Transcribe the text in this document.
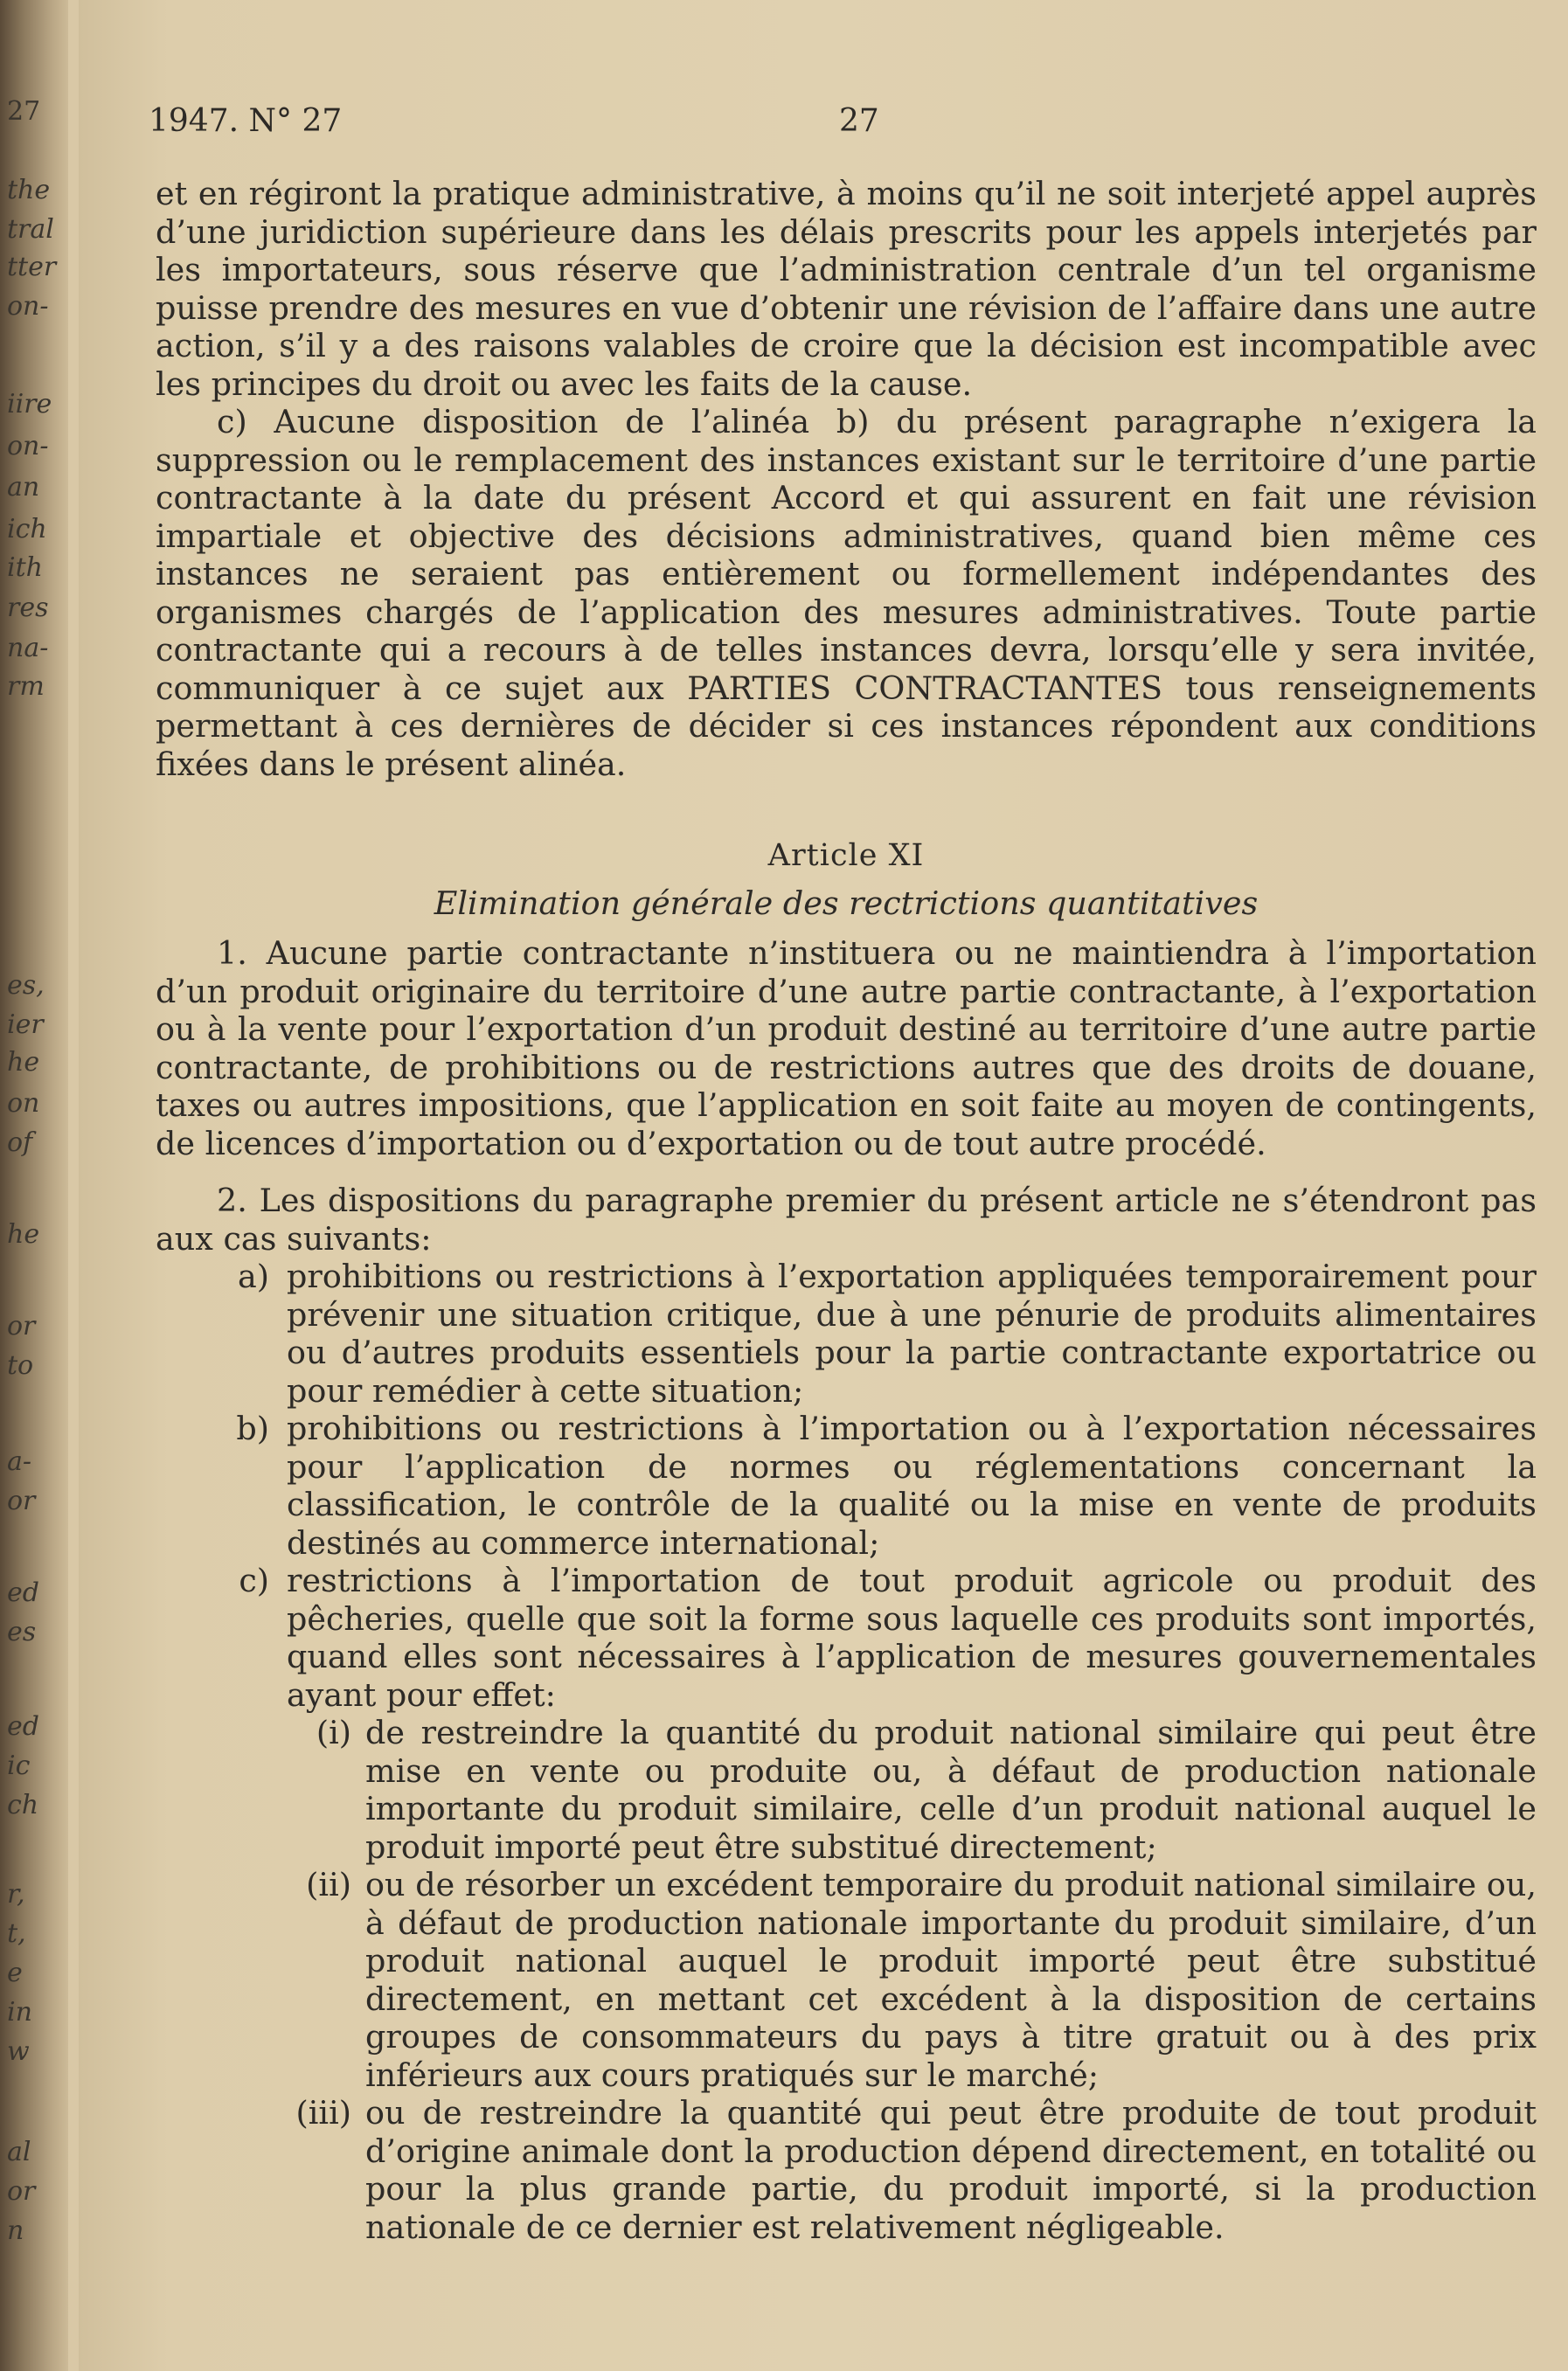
27
the
tral
tter
on-
iire
on-
an
ich
ith
res
na-
rm
es,
ier
he
on
of
he
or
to
a-
or
ed
es
ed
ic
ch
r,
t,
e
in
w
al
or
n
1947. N° 27	27

et en régiront la pratique administrative, à moins qu’il ne soit interjeté appel auprès d’une juridiction supérieure dans les délais prescrits pour les appels interjetés par les importateurs, sous réserve que l’administration centrale d’un tel organisme puisse prendre des mesures en vue d’obtenir une révision de l’affaire dans une autre action, s’il y a des raisons valables de croire que la décision est incompatible avec les principes du droit ou avec les faits de la cause.

c) Aucune disposition de l’alinéa b) du présent paragraphe n’exigera la suppression ou le remplacement des instances existant sur le territoire d’une partie contractante à la date du présent Accord et qui assurent en fait une révision impartiale et objective des décisions administratives, quand bien même ces instances ne seraient pas entièrement ou formellement indépendantes des organismes chargés de l’application des mesures administratives. Toute partie contractante qui a recours à de telles instances devra, lorsqu’elle y sera invitée, communiquer à ce sujet aux PARTIES CONTRACTANTES tous renseignements permettant à ces dernières de décider si ces instances répondent aux conditions fixées dans le présent alinéa.

Article XI
Elimination générale des rectrictions quantitatives

1. Aucune partie contractante n’instituera ou ne maintiendra à l’importation d’un produit originaire du territoire d’une autre partie contractante, à l’exportation ou à la vente pour l’exportation d’un produit destiné au territoire d’une autre partie contractante, de prohibitions ou de restrictions autres que des droits de douane, taxes ou autres impositions, que l’application en soit faite au moyen de contingents, de licences d’importation ou d’exportation ou de tout autre procédé.

2. Les dispositions du paragraphe premier du présent article ne s’étendront pas aux cas suivants:

a) prohibitions ou restrictions à l’exportation appliquées temporairement pour prévenir une situation critique, due à une pénurie de produits alimentaires ou d’autres produits essentiels pour la partie contractante exportatrice ou pour remédier à cette situation;
b) prohibitions ou restrictions à l’importation ou à l’exportation nécessaires pour l’application de normes ou réglementations concernant la classification, le contrôle de la qualité ou la mise en vente de produits destinés au commerce international;
c) restrictions à l’importation de tout produit agricole ou produit des pêcheries, quelle que soit la forme sous laquelle ces produits sont importés, quand elles sont nécessaires à l’application de mesures gouvernementales ayant pour effet:
(i) de restreindre la quantité du produit national similaire qui peut être mise en vente ou produite ou, à défaut de production nationale importante du produit similaire, celle d’un produit national auquel le produit importé peut être substitué directement;
(ii) ou de résorber un excédent temporaire du produit national similaire ou, à défaut de production nationale importante du produit similaire, d’un produit national auquel le produit importé peut être substitué directement, en mettant cet excédent à la disposition de certains groupes de consommateurs du pays à titre gratuit ou à des prix inférieurs aux cours pratiqués sur le marché;
(iii) ou de restreindre la quantité qui peut être produite de tout produit d’origine animale dont la production dépend directement, en totalité ou pour la plus grande partie, du produit importé, si la production nationale de ce dernier est relativement négligeable.
